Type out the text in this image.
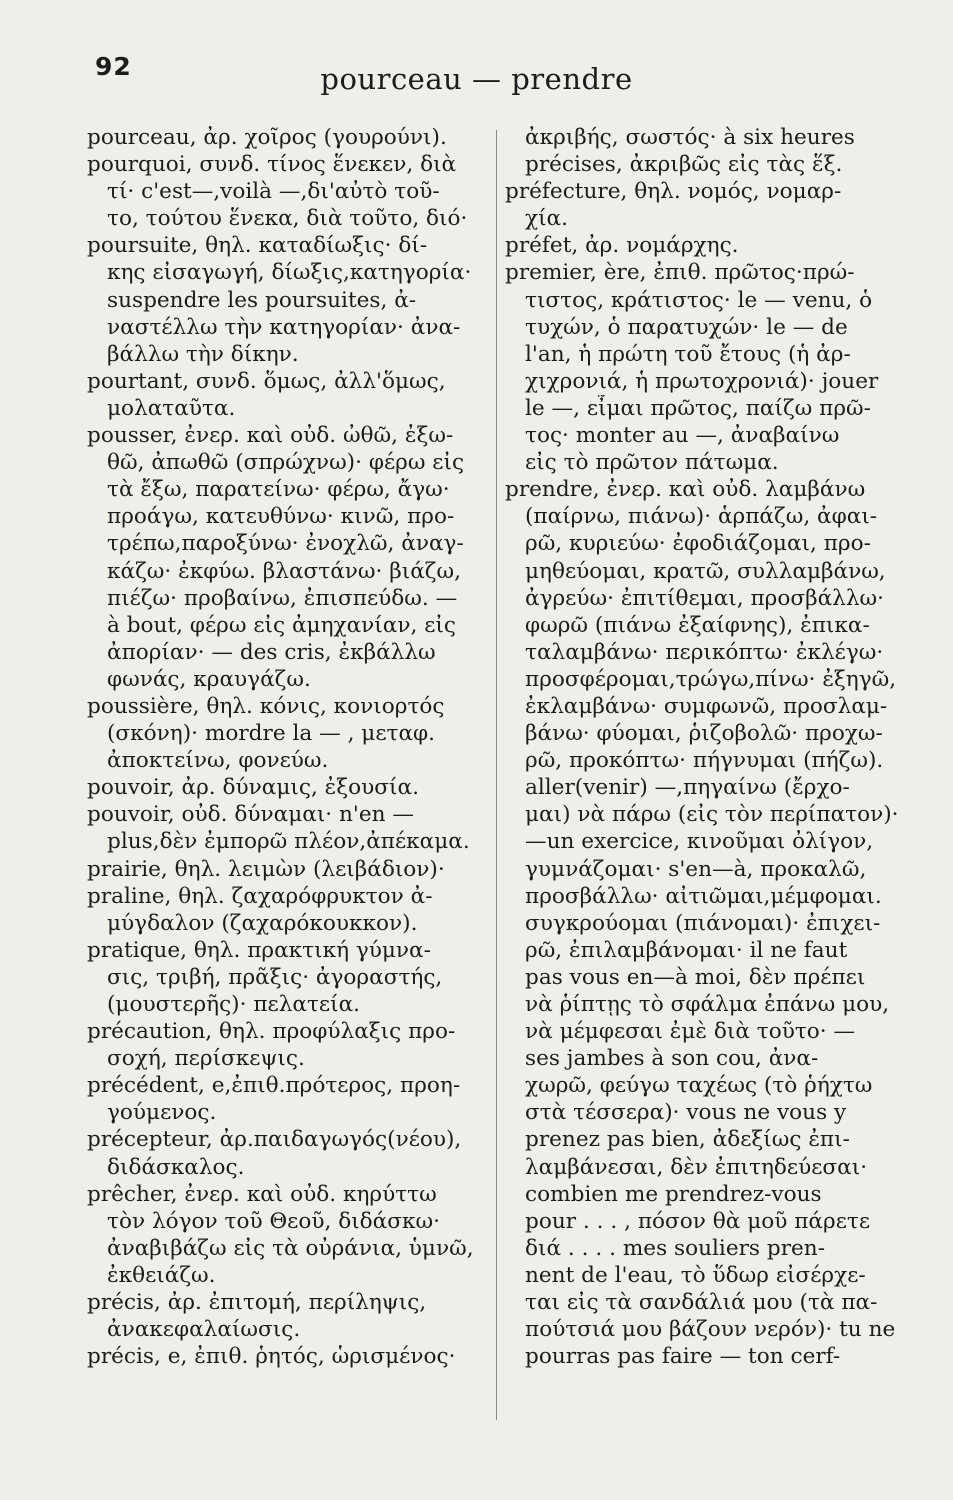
92	pourceau — prendre
pourceau, ἀρ. χοῖρος (γουρούνι).
pourquoi, συνδ. τίνος ἕνεκεν, διὰ
τί· c'est—,voilà —,δι'αὐτὸ τοῦ-
το, τούτου ἕνεκα, διὰ τοῦτο, διό·
poursuite, θηλ. καταδίωξις· δί-
κης εἰσαγωγή, δίωξις,κατηγορία·
suspendre les poursuites, ἀ-
ναστέλλω τὴν κατηγορίαν· ἀνα-
βάλλω τὴν δίκην.
pourtant, συνδ. ὅμως, ἀλλ'ὅμως,
μολαταῦτα.
pousser, ἐνερ. καὶ οὐδ. ὠθῶ, ἐξω-
θῶ, ἀπωθῶ (σπρώχνω)· φέρω εἰς
τὰ ἔξω, παρατείνω· φέρω, ἄγω·
προάγω, κατευθύνω· κινῶ, προ-
τρέπω,παροξύνω· ἐνοχλῶ, ἀναγ-
κάζω· ἐκφύω. βλαστάνω· βιάζω,
πιέζω· προβαίνω, ἐπισπεύδω. —
à bout, φέρω εἰς ἀμηχανίαν, εἰς
ἀπορίαν· — des cris, ἐκβάλλω
φωνάς, κραυγάζω.
poussière, θηλ. κόνις, κονιορτός
(σκόνη)· mordre la — , μεταφ.
ἀποκτείνω, φονεύω.
pouvoir, ἀρ. δύναμις, ἐξουσία.
pouvoir, οὐδ. δύναμαι· n'en —
plus,δὲν ἐμπορῶ πλέον,ἀπέκαμα.
prairie, θηλ. λειμὼν (λειβάδιον)·
praline, θηλ. ζαχαρόφρυκτον ἀ-
μύγδαλον (ζαχαρόκουκκον).
pratique, θηλ. πρακτική γύμνα-
σις, τριβή, πρᾶξις· ἀγοραστής,
(μουστερῆς)· πελατεία.
précaution, θηλ. προφύλαξις προ-
σοχή, περίσκεψις.
précédent, e,ἐπιθ.πρότερος, προη-
γούμενος.
précepteur, ἀρ.παιδαγωγός(νέου),
διδάσκαλος.
prêcher, ἐνερ. καὶ οὐδ. κηρύττω
τὸν λόγον τοῦ Θεοῦ, διδάσκω·
ἀναβιβάζω εἰς τὰ οὐράνια, ὑμνῶ,
ἐκθειάζω.
précis, ἀρ. ἐπιτομή, περίληψις,
ἀνακεφαλαίωσις.
précis, e, ἐπιθ. ῥητός, ὡρισμένος·
ἀκριβής, σωστός· à six heures
précises, ἀκριβῶς εἰς τὰς ἕξ.
préfecture, θηλ. νομός, νομαρ-
χία.
préfet, ἀρ. νομάρχης.
premier, ère, ἐπιθ. πρῶτος·πρώ-
τιστος, κράτιστος· le — venu, ὁ
τυχών, ὁ παρατυχών· le — de
l'an, ἡ πρώτη τοῦ ἔτους (ἡ ἀρ-
χιχρονιά, ἡ πρωτοχρονιά)· jouer
le —, εἶμαι πρῶτος, παίζω πρῶ-
τος· monter au —, ἀναβαίνω
εἰς τὸ πρῶτον πάτωμα.
prendre, ἐνερ. καὶ οὐδ. λαμβάνω
(παίρνω, πιάνω)· ἁρπάζω, ἀφαι-
ρῶ, κυριεύω· ἐφοδιάζομαι, προ-
μηθεύομαι, κρατῶ, συλλαμβάνω,
ἀγρεύω· ἐπιτίθεμαι, προσβάλλω·
φωρῶ (πιάνω ἐξαίφνης), ἐπικα-
ταλαμβάνω· περικόπτω· ἐκλέγω·
προσφέρομαι,τρώγω,πίνω· ἐξηγῶ,
ἐκλαμβάνω· συμφωνῶ, προσλαμ-
βάνω· φύομαι, ῥιζοβολῶ· προχω-
ρῶ, προκόπτω· πήγνυμαι (πήζω).
aller(venir) —,πηγαίνω (ἔρχο-
μαι) νὰ πάρω (εἰς τὸν περίπατον)·
—un exercice, κινοῦμαι ὀλίγον,
γυμνάζομαι· s'en—à, προκαλῶ,
προσβάλλω· αἰτιῶμαι,μέμφομαι.
συγκρούομαι (πιάνομαι)· ἐπιχει-
ρῶ, ἐπιλαμβάνομαι· il ne faut
pas vous en—à moi, δὲν πρέπει
νὰ ῥίπτῃς τὸ σφάλμα ἐπάνω μου,
νὰ μέμφεσαι ἐμὲ διὰ τοῦτο· —
ses jambes à son cou, ἀνα-
χωρῶ, φεύγω ταχέως (τὸ ῥήχτω
στὰ τέσσερα)· vous ne vous y
prenez pas bien, ἀδεξίως ἐπι-
λαμβάνεσαι, δὲν ἐπιτηδεύεσαι·
combien me prendrez-vous
pour . . . , πόσον θὰ μοῦ πάρετε
διά . . . . mes souliers pren-
nent de l'eau, τὸ ὕδωρ εἰσέρχε-
ται εἰς τὰ σανδάλιά μου (τὰ πα-
πούτσιά μου βάζουν νερόν)· tu ne
pourras pas faire — ton cerf-
